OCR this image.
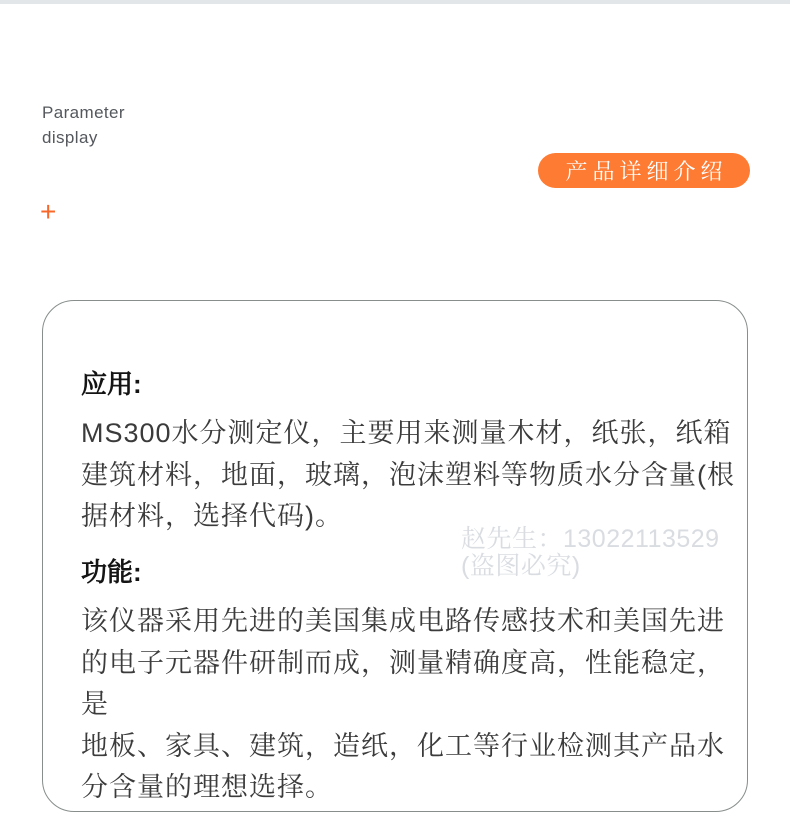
Parameter
display
+
产品详细介绍
应用:
MS300水分测定仪，主要用来测量木材，纸张，纸箱
建筑材料，地面，玻璃，泡沫塑料等物质水分含量(根
据材料，选择代码)。
赵先生：13022113529
(盗图必究)
功能:
该仪器采用先进的美国集成电路传感技术和美国先进
的电子元器件研制而成，测量精确度高，性能稳定，是
地板、家具、建筑，造纸，化工等行业检测其产品水
分含量的理想选择。
